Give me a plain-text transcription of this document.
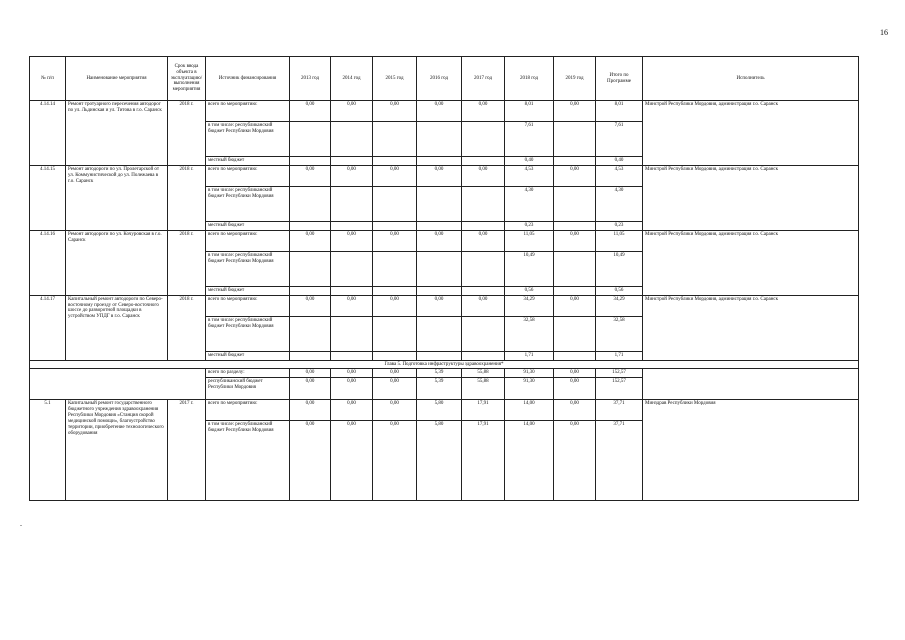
16
-
№ п/п	Наименование мероприятия	Срок ввода объекта в эксплуатацию/ выполнения мероприятия	Источник финансирования	2013 год	2014 год	2015 год	2016 год	2017 год	2018 год	2019 год	Итого по Программе	Исполнитель
4.14.14	Ремонт тротуарного пересечения автодорог по ул. Льдинская и ул. Титова в г.о. Саранск	2018 г.	всего по мероприятию:	0,00	0,00	0,00	0,00	0,00	8,01	0,00	8,01	Минстрой Республики Мордовия, администрация г.о. Саранск
			в том числе: республиканский бюджет Республики Мордовия						7,61		7,61	
			местный бюджет						0,40		0,40	
4.14.15	Ремонт автодороги по ул. Пролетарской от ул. Коммунистической до ул. Полежаева в г.о. Саранск	2018 г.	всего по мероприятию:	0,00	0,00	0,00	0,00	0,00	4,53	0,00	4,53	Минстрой Республики Мордовия, администрация г.о. Саранск
			в том числе: республиканский бюджет Республики Мордовия						4,30		4,30	
			местный бюджет						0,23		0,23	
4.14.16	Ремонт автодороги по ул. Кочуровская в г.о. Саранск	2018 г.	всего по мероприятию:	0,00	0,00	0,00	0,00	0,00	11,05	0,00	11,05	Минстрой Республики Мордовия, администрация г.о. Саранск
			в том числе: республиканский бюджет Республики Мордовия						10,49		10,49	
			местный бюджет						0,56		0,56	
4.14.17	Капитальный ремонт автодороги по Северо-восточному проезду от Северо-восточного шоссе до разворотной площадки в устройством УПДГ в г.о. Саранск	2018 г.	всего по мероприятию:	0,00	0,00	0,00	0,00	0,00	34,29	0,00	34,29	Минстрой Республики Мордовия, администрация г.о. Саранск
			в том числе: республиканский бюджет Республики Мордовия						32,58		32,58	
			местный бюджет						1,71		1,71	
Глава 5. Подготовка инфраструктуры здравоохранения*												
			всего по разделу:	0,00	0,00	0,00	5,39	55,88	91,30	0,00	152,57	
			республиканский бюджет Республики Мордовия	0,00	0,00	0,00	5,39	55,88	91,30	0,00	152,57	
5.1	Капитальный ремонт государственного бюджетного учреждения здравоохранения Республики Мордовия «Станция скорой медицинской помощи», благоустройство территории, приобретение технологического оборудования	2017 г.	всего по мероприятию:	0,00	0,00	0,00	5,80	17,91	14,00	0,00	37,71	Минздрав Республики Мордовия
			в том числе: республиканский бюджет Республики Мордовия	0,00	0,00	0,00	5,80	17,91	14,00	0,00	37,71	
